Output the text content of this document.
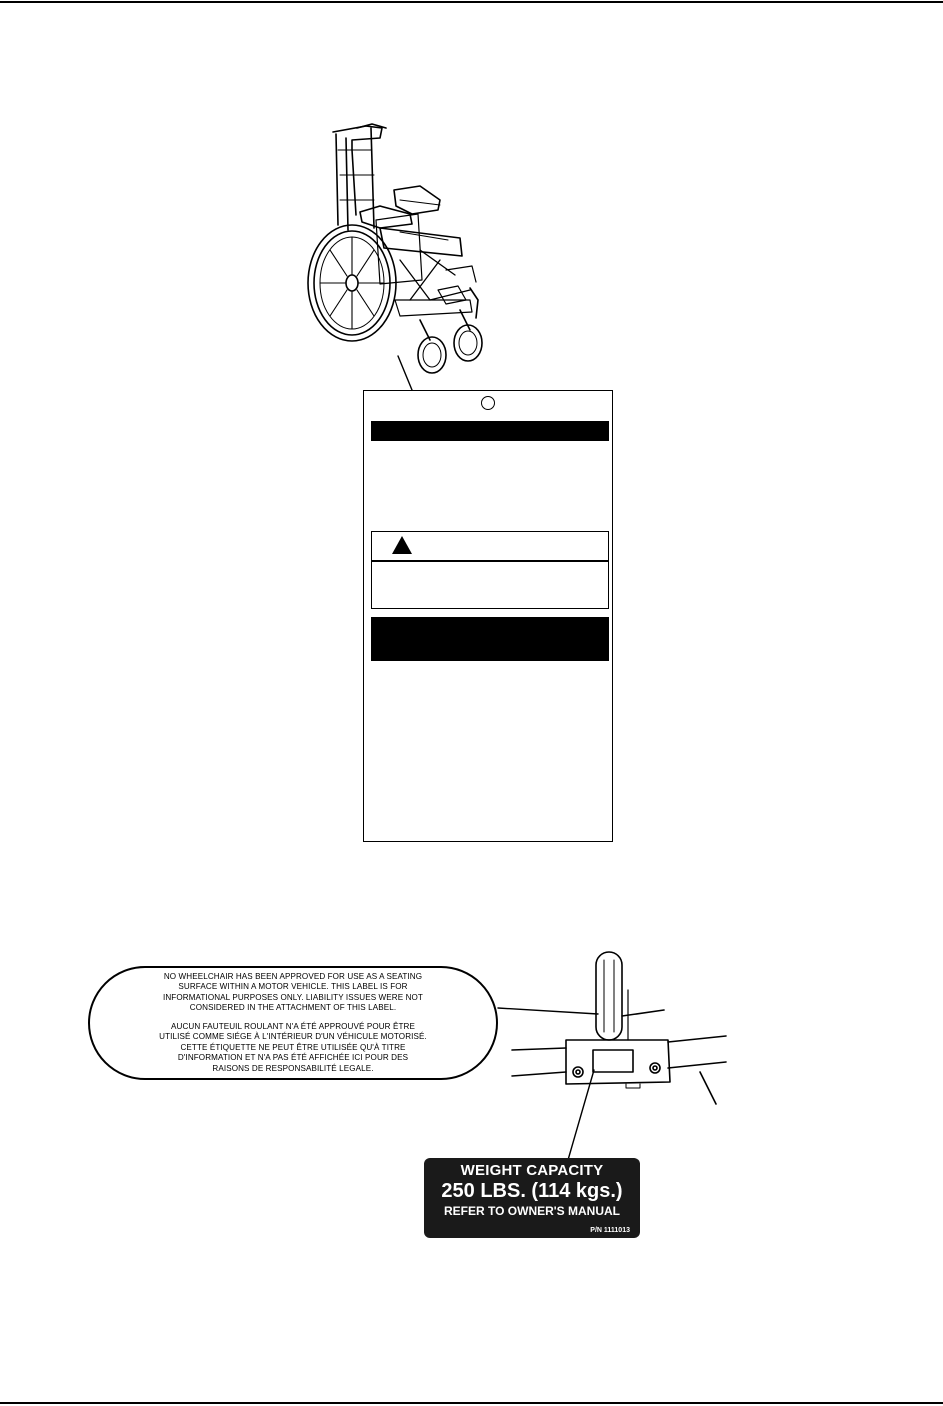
NO WHEELCHAIR HAS BEEN APPROVED FOR USE AS A SEATING
SURFACE WITHIN A MOTOR VEHICLE. THIS LABEL IS FOR
INFORMATIONAL PURPOSES ONLY. LIABILITY ISSUES WERE NOT
CONSIDERED IN THE ATTACHMENT OF THIS LABEL.

AUCUN FAUTEUIL ROULANT N'A ÉTÉ APPROUVÉ POUR ÊTRE
UTILISÉ COMME SIÉGE À L'INTÉRIEUR D'UN VÉHICULE MOTORISÉ.
CETTE ÉTIQUETTE NE PEUT ÊTRE UTILISÉE QU'À TITRE
D'INFORMATION ET N'A PAS ÉTÉ AFFICHÉE ICI POUR DES
RAISONS DE RESPONSABILITÉ LEGALE.

WEIGHT CAPACITY
250 LBS. (114 kgs.)
REFER TO OWNER'S MANUAL
P/N 1111013
